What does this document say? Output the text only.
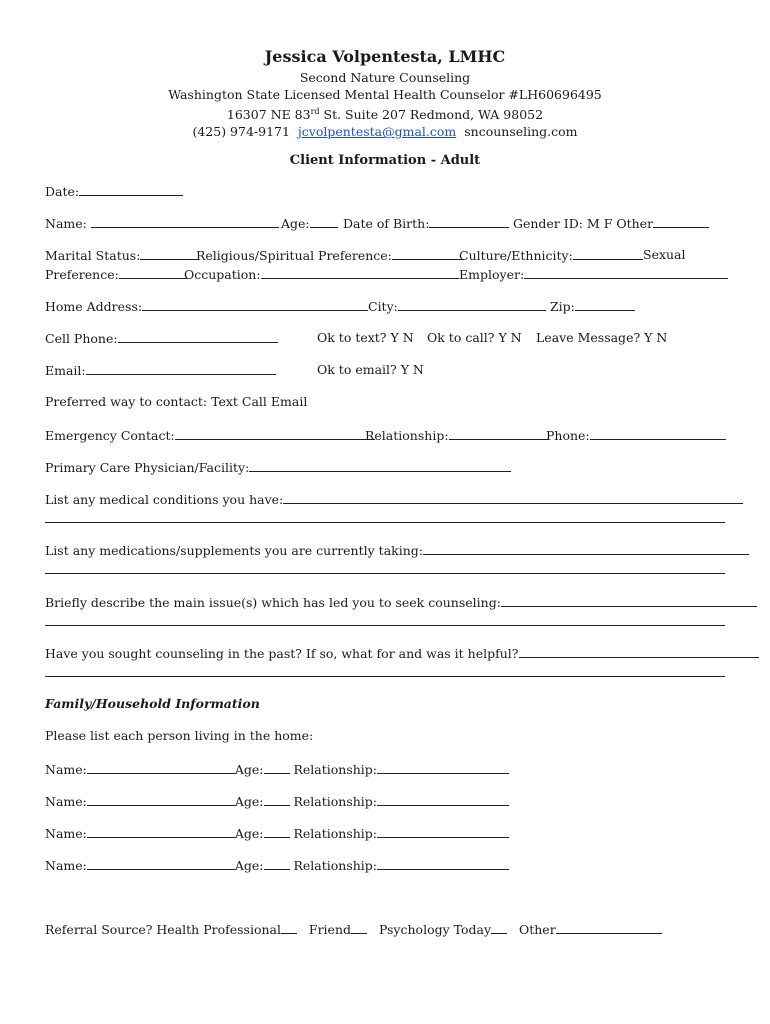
Jessica Volpentesta, LMHC
Second Nature Counseling
Washington State Licensed Mental Health Counselor #LH60696495
16307 NE 83rd St. Suite 207 Redmond, WA 98052
(425) 974-9171 jcvolpentesta@gmal.com sncounseling.com
Client Information - Adult
Date:
Name:	Age:	Date of Birth:	Gender ID: M F Other
Marital Status:	Religious/Spiritual Preference:	Culture/Ethnicity:	Sexual
Preference:	Occupation:	Employer:
Home Address:	City:	Zip:
Cell Phone:	Ok to text? Y N Ok to call? Y N Leave Message? Y N
Email:	Ok to email? Y N
Preferred way to contact: Text Call Email
Emergency Contact:	Relationship:	Phone:
Primary Care Physician/Facility:
List any medical conditions you have:
List any medications/supplements you are currently taking:
Briefly describe the main issue(s) which has led you to seek counseling:
Have you sought counseling in the past? If so, what for and was it helpful?
Family/Household Information
Please list each person living in the home:
Name:	Age: Relationship:
Name:	Age: Relationship:
Name:	Age: Relationship:
Name:	Age: Relationship:
Referral Source? Health Professional Friend Psychology Today Other
